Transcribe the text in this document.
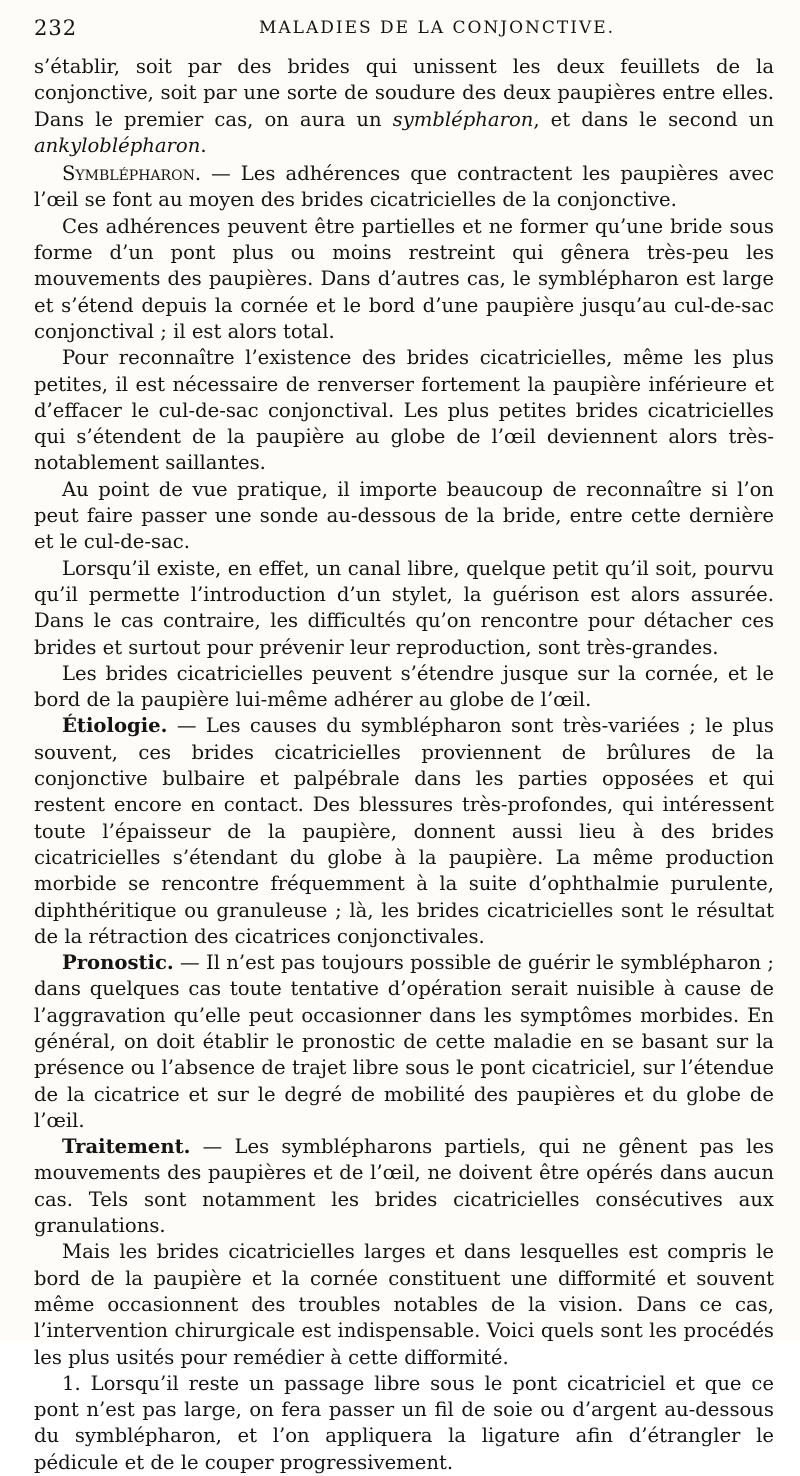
232	MALADIES DE LA CONJONCTIVE.

s’établir, soit par des brides qui unissent les deux feuillets de la conjonctive, soit par une sorte de soudure des deux paupières entre elles. Dans le premier cas, on aura un symblépharon, et dans le second un ankyloblépharon.

Symblépharon. — Les adhérences que contractent les paupières avec l’œil se font au moyen des brides cicatricielles de la conjonctive.

Ces adhérences peuvent être partielles et ne former qu’une bride sous forme d’un pont plus ou moins restreint qui gênera très-peu les mouvements des paupières. Dans d’autres cas, le symblépharon est large et s’étend depuis la cornée et le bord d’une paupière jusqu’au cul-de-sac conjonctival ; il est alors total.

Pour reconnaître l’existence des brides cicatricielles, même les plus petites, il est nécessaire de renverser fortement la paupière inférieure et d’effacer le cul-de-sac conjonctival. Les plus petites brides cicatricielles qui s’étendent de la paupière au globe de l’œil deviennent alors très-notablement saillantes.

Au point de vue pratique, il importe beaucoup de reconnaître si l’on peut faire passer une sonde au-dessous de la bride, entre cette dernière et le cul-de-sac.

Lorsqu’il existe, en effet, un canal libre, quelque petit qu’il soit, pourvu qu’il permette l’introduction d’un stylet, la guérison est alors assurée. Dans le cas contraire, les difficultés qu’on rencontre pour détacher ces brides et surtout pour prévenir leur reproduction, sont très-grandes.

Les brides cicatricielles peuvent s’étendre jusque sur la cornée, et le bord de la paupière lui-même adhérer au globe de l’œil.

Étiologie. — Les causes du symblépharon sont très-variées ; le plus souvent, ces brides cicatricielles proviennent de brûlures de la conjonctive bulbaire et palpébrale dans les parties opposées et qui restent encore en contact. Des blessures très-profondes, qui intéressent toute l’épaisseur de la paupière, donnent aussi lieu à des brides cicatricielles s’étendant du globe à la paupière. La même production morbide se rencontre fréquemment à la suite d’ophthalmie purulente, diphthéritique ou granuleuse ; là, les brides cicatricielles sont le résultat de la rétraction des cicatrices conjonctivales.

Pronostic. — Il n’est pas toujours possible de guérir le symblépharon ; dans quelques cas toute tentative d’opération serait nuisible à cause de l’aggravation qu’elle peut occasionner dans les symptômes morbides. En général, on doit établir le pronostic de cette maladie en se basant sur la présence ou l’absence de trajet libre sous le pont cicatriciel, sur l’étendue de la cicatrice et sur le degré de mobilité des paupières et du globe de l’œil.

Traitement. — Les symblépharons partiels, qui ne gênent pas les mouvements des paupières et de l’œil, ne doivent être opérés dans aucun cas. Tels sont notamment les brides cicatricielles consécutives aux granulations.

Mais les brides cicatricielles larges et dans lesquelles est compris le bord de la paupière et la cornée constituent une difformité et souvent même occasionnent des troubles notables de la vision. Dans ce cas, l’intervention chirurgicale est indispensable. Voici quels sont les procédés les plus usités pour remédier à cette difformité.

1. Lorsqu’il reste un passage libre sous le pont cicatriciel et que ce pont n’est pas large, on fera passer un fil de soie ou d’argent au-dessous du symblépharon, et l’on appliquera la ligature afin d’étrangler le pédicule et de le couper progressivement.
